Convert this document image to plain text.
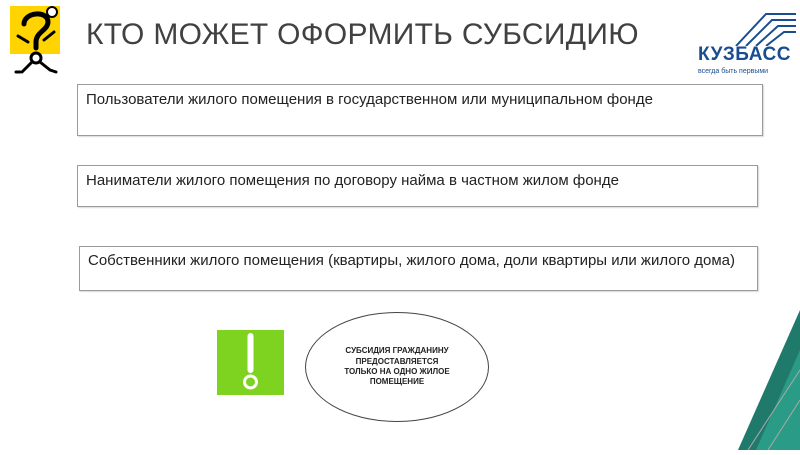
КТО МОЖЕТ ОФОРМИТЬ СУБСИДИЮ
КУЗБАСС
всегда быть первыми
Пользователи жилого помещения в государственном или муниципальном фонде
Наниматели жилого помещения по договору найма в частном жилом фонде
Собственники жилого помещения (квартиры, жилого дома, доли квартиры или жилого дома)
СУБСИДИЯ ГРАЖДАНИНУ ПРЕДОСТАВЛЯЕТСЯ ТОЛЬКО НА ОДНО ЖИЛОЕ ПОМЕЩЕНИЕ
